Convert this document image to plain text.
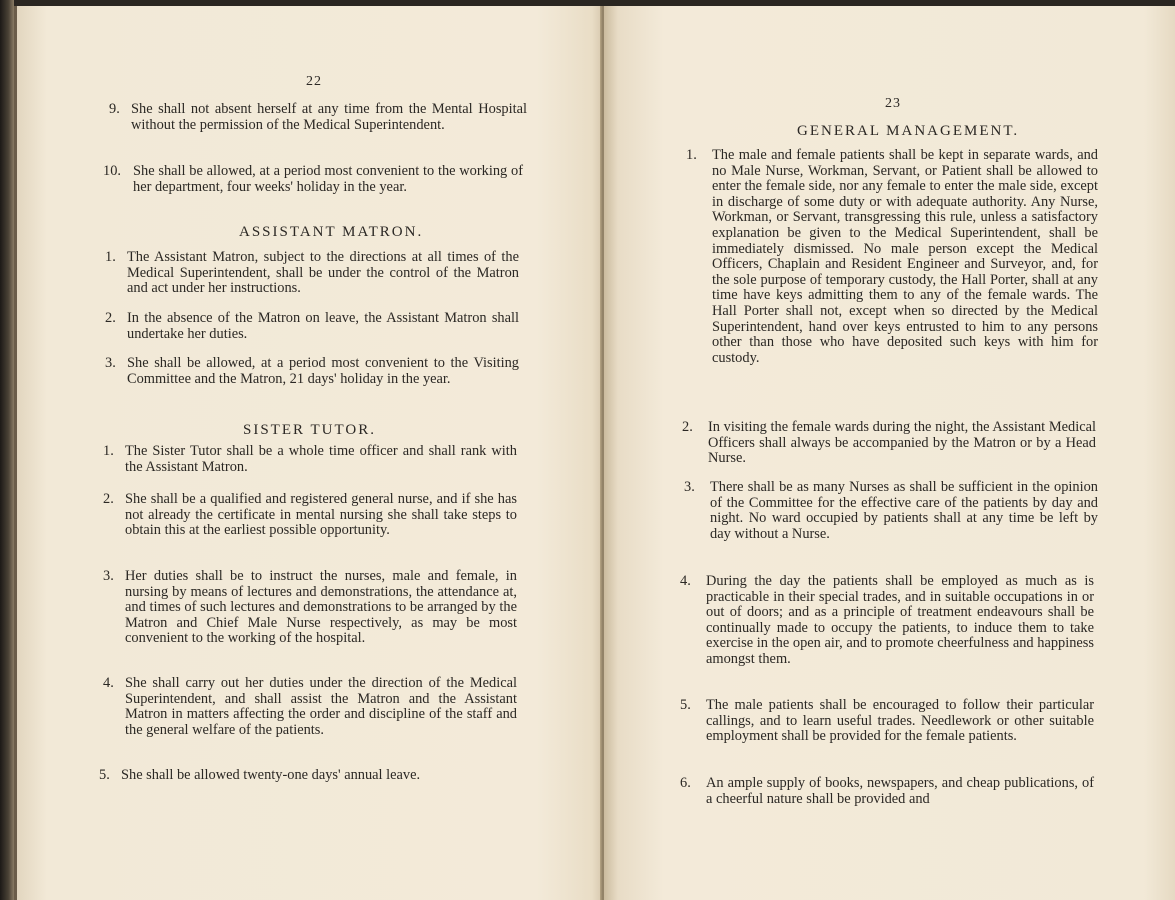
22
9. She shall not absent herself at any time from the Mental Hospital without the permission of the Medical Superintendent.
10. She shall be allowed, at a period most convenient to the working of her department, four weeks' holiday in the year.
ASSISTANT MATRON.
1. The Assistant Matron, subject to the directions at all times of the Medical Superintendent, shall be under the control of the Matron and act under her instructions.
2. In the absence of the Matron on leave, the Assistant Matron shall undertake her duties.
3. She shall be allowed, at a period most convenient to the Visiting Committee and the Matron, 21 days' holiday in the year.
SISTER TUTOR.
1. The Sister Tutor shall be a whole time officer and shall rank with the Assistant Matron.
2. She shall be a qualified and registered general nurse, and if she has not already the certificate in mental nursing she shall take steps to obtain this at the earliest possible opportunity.
3. Her duties shall be to instruct the nurses, male and female, in nursing by means of lectures and demonstrations, the attendance at, and times of such lectures and demonstrations to be arranged by the Matron and Chief Male Nurse respectively, as may be most convenient to the working of the hospital.
4. She shall carry out her duties under the direction of the Medical Superintendent, and shall assist the Matron and the Assistant Matron in matters affecting the order and discipline of the staff and the general welfare of the patients.
5. She shall be allowed twenty-one days' annual leave.
23
GENERAL MANAGEMENT.
1.	The male and female patients shall be kept in separate wards, and no Male Nurse, Workman, Servant, or Patient shall be allowed to enter the female side, nor any female to enter the male side, except in discharge of some duty or with adequate authority. Any Nurse, Workman, or Servant, transgressing this rule, unless a satisfactory explanation be given to the Medical Superintendent, shall be immediately dismissed. No male person except the Medical Officers, Chaplain and Resident Engineer and Surveyor, and, for the sole purpose of temporary custody, the Hall Porter, shall at any time have keys admitting them to any of the female wards. The Hall Porter shall not, except when so directed by the Medical Superintendent, hand over keys entrusted to him to any persons other than those who have deposited such keys with him for custody.
2.	In visiting the female wards during the night, the Assistant Medical Officers shall always be accompanied by the Matron or by a Head Nurse.
3.	There shall be as many Nurses as shall be sufficient in the opinion of the Committee for the effective care of the patients by day and night. No ward occupied by patients shall at any time be left by day without a Nurse.
4.	During the day the patients shall be employed as much as is practicable in their special trades, and in suitable occupations in or out of doors; and as a principle of treatment endeavours shall be continually made to occupy the patients, to induce them to take exercise in the open air, and to promote cheerfulness and happiness amongst them.
5.	The male patients shall be encouraged to follow their particular callings, and to learn useful trades. Needlework or other suitable employment shall be provided for the female patients.
6.	An ample supply of books, newspapers, and cheap publications, of a cheerful nature shall be provided and
